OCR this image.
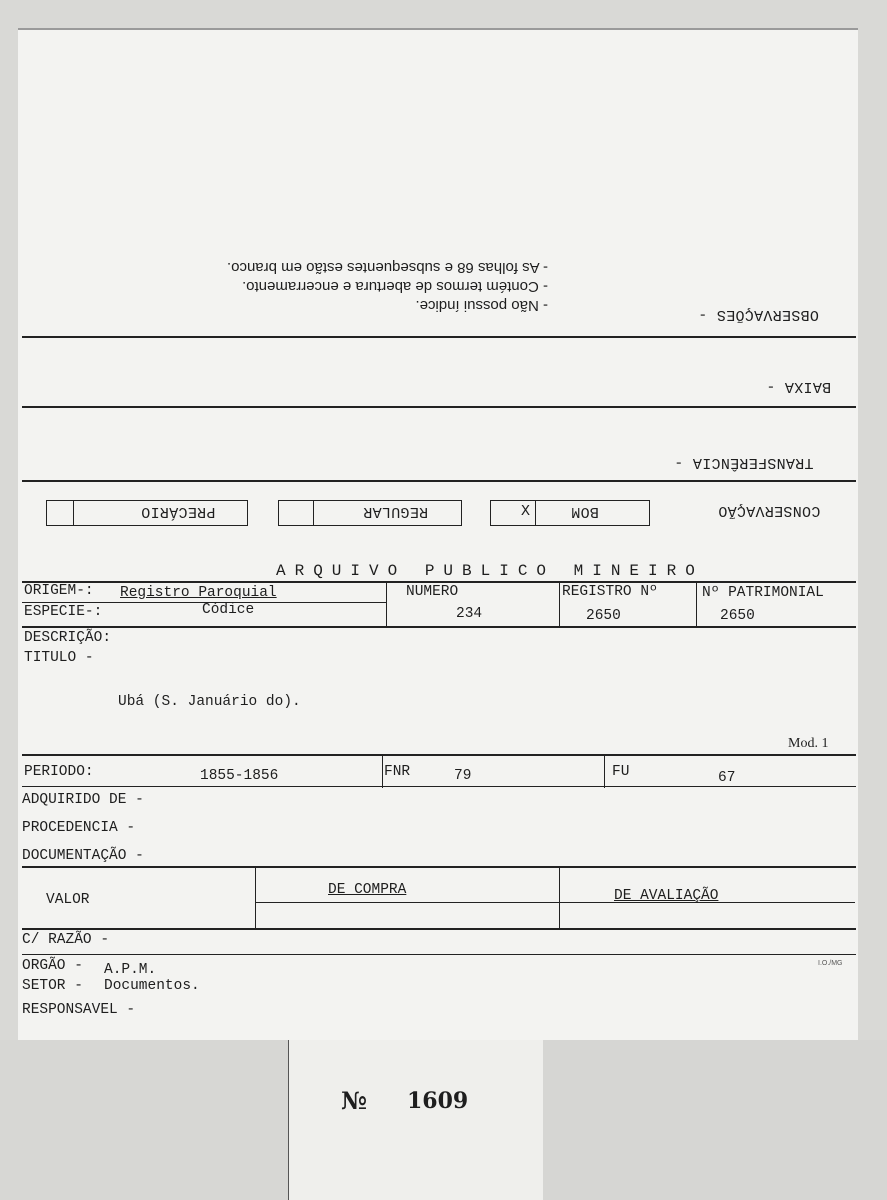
- Não possui índice.
- Contém termos de abertura e encerramento.
- As folhas 68 e subsequentes estão em branco.
OBSERVAÇÕES -
BAIXA -
TRANSFERÊNCIA -
CONSERVAÇÃO
BOM
X
REGULAR
PRECÁRIO
ARQUIVO PUBLICO MINEIRO
ORIGEM-: Registro Paroquial
ESPECIE-:	Códice
NUMERO
234
REGISTRO Nº
2650
Nº PATRIMONIAL
2650
DESCRIÇÃO:
TITULO -
Ubá (S. Januário do).
Mod. 1
PERIODO:	1855-1856	FNR	79	FU	67
ADQUIRIDO DE -
PROCEDENCIA -
DOCUMENTAÇÃO -
VALOR
DE COMPRA	DE AVALIAÇÃO
C/ RAZÃO -
ORGÃO - A.P.M.	I.O./MG
SETOR - Documentos.
RESPONSAVEL -
№ 1609
